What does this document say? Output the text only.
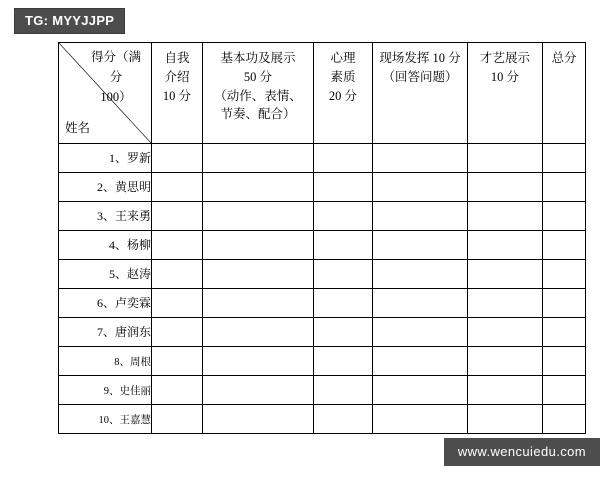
TG: MYYJJPP
得分（满分
100）
姓名

自我
介绍
10 分

基本功及展示
50 分
（动作、表情、
节奏、配合）

心理
素质
20 分

现场发挥 10 分
（回答问题）

才艺展示
10 分

总分

1、罗新						
2、黄思明						
3、王来勇						
4、杨柳						
5、赵涛						
6、卢奕霖						
7、唐润东						
8、周根						
9、史佳丽						
10、王嘉慧						
www.wencuiedu.com
